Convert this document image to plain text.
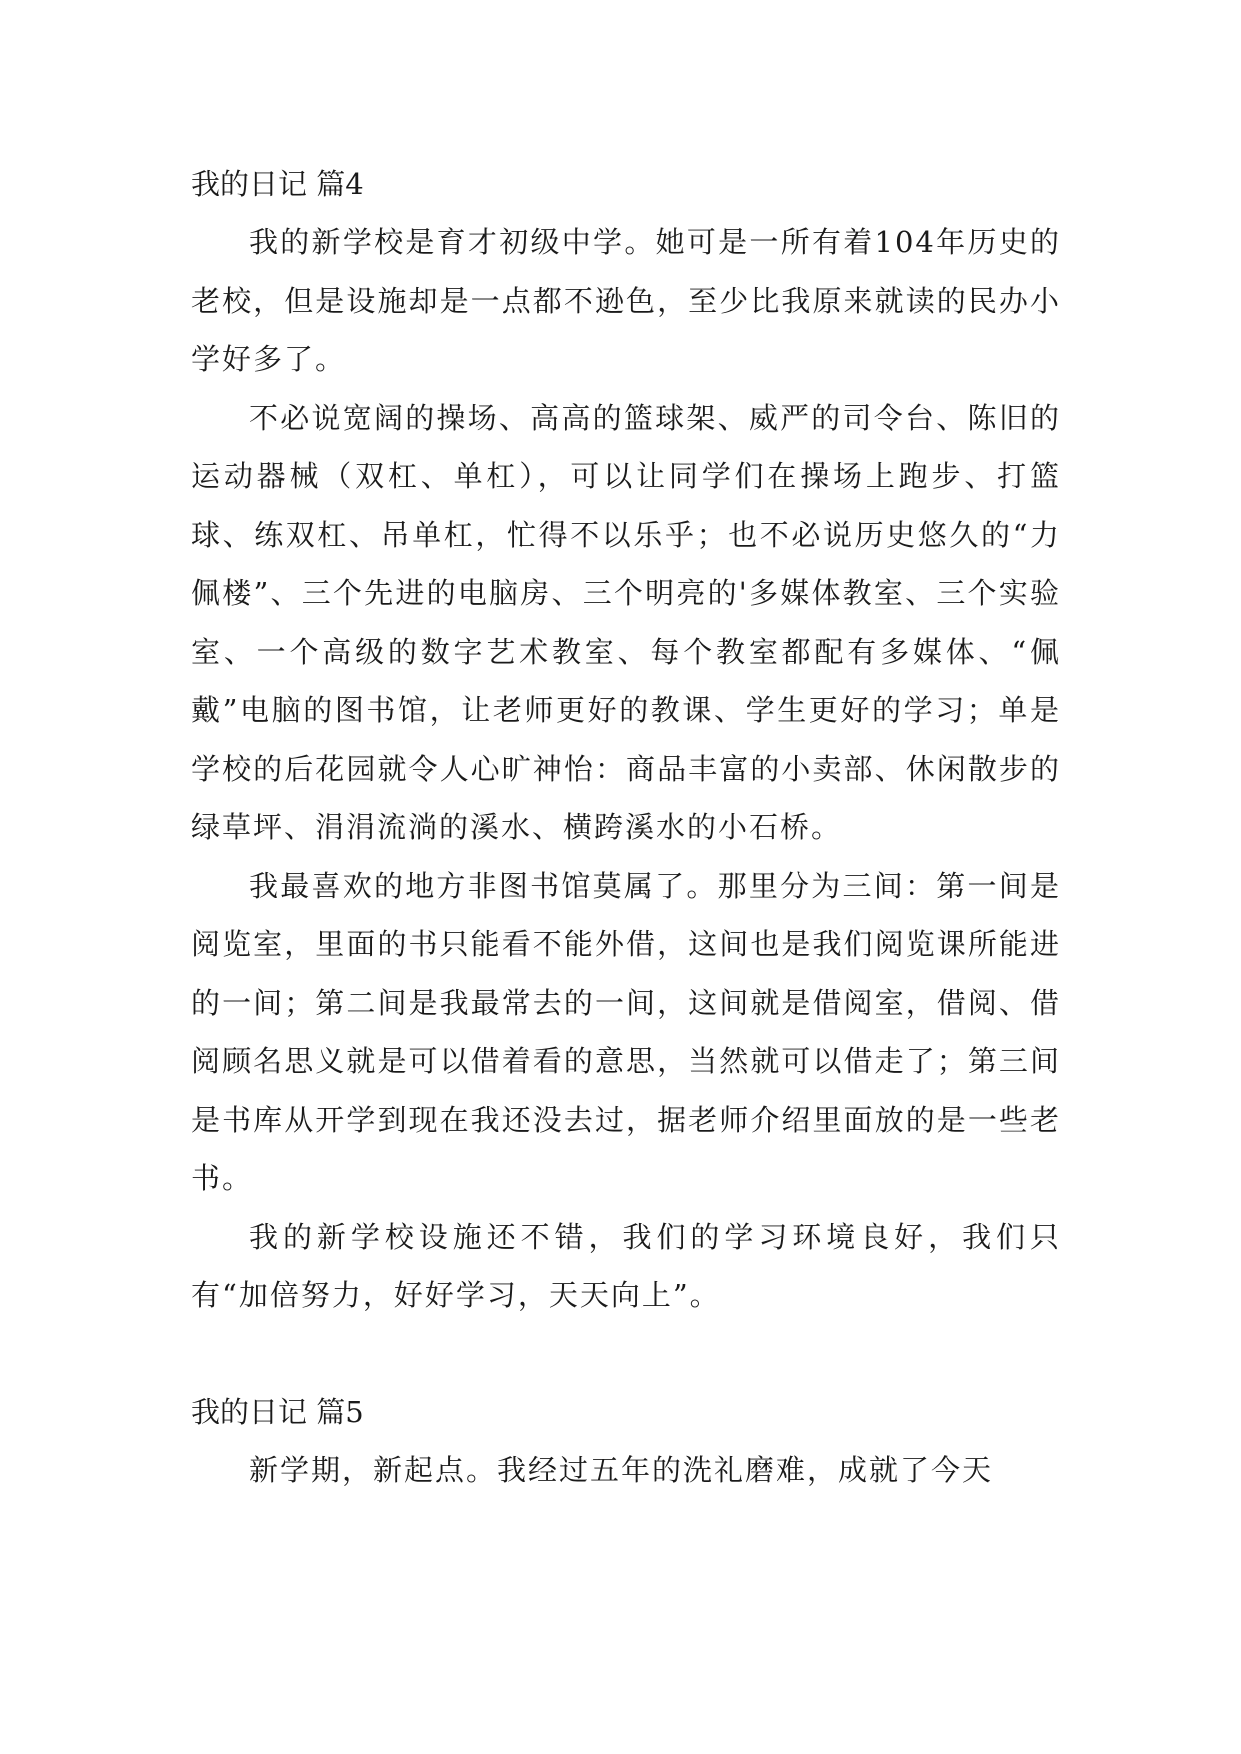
我的日记 篇4

我的新学校是育才初级中学。她可是一所有着104年历史的老校，但是设施却是一点都不逊色，至少比我原来就读的民办小学好多了。

不必说宽阔的操场、高高的篮球架、威严的司令台、陈旧的运动器械（双杠、单杠），可以让同学们在操场上跑步、打篮球、练双杠、吊单杠，忙得不以乐乎；也不必说历史悠久的“力佩楼”、三个先进的电脑房、三个明亮的'多媒体教室、三个实验室、一个高级的数字艺术教室、每个教室都配有多媒体、“佩戴”电脑的图书馆，让老师更好的教课、学生更好的学习；单是学校的后花园就令人心旷神怡：商品丰富的小卖部、休闲散步的绿草坪、涓涓流淌的溪水、横跨溪水的小石桥。

我最喜欢的地方非图书馆莫属了。那里分为三间：第一间是阅览室，里面的书只能看不能外借，这间也是我们阅览课所能进的一间；第二间是我最常去的一间，这间就是借阅室，借阅、借阅顾名思义就是可以借着看的意思，当然就可以借走了；第三间是书库从开学到现在我还没去过，据老师介绍里面放的是一些老书。

我的新学校设施还不错，我们的学习环境良好，我们只有“加倍努力，好好学习，天天向上”。

我的日记 篇5

新学期，新起点。我经过五年的洗礼磨难，成就了今天
